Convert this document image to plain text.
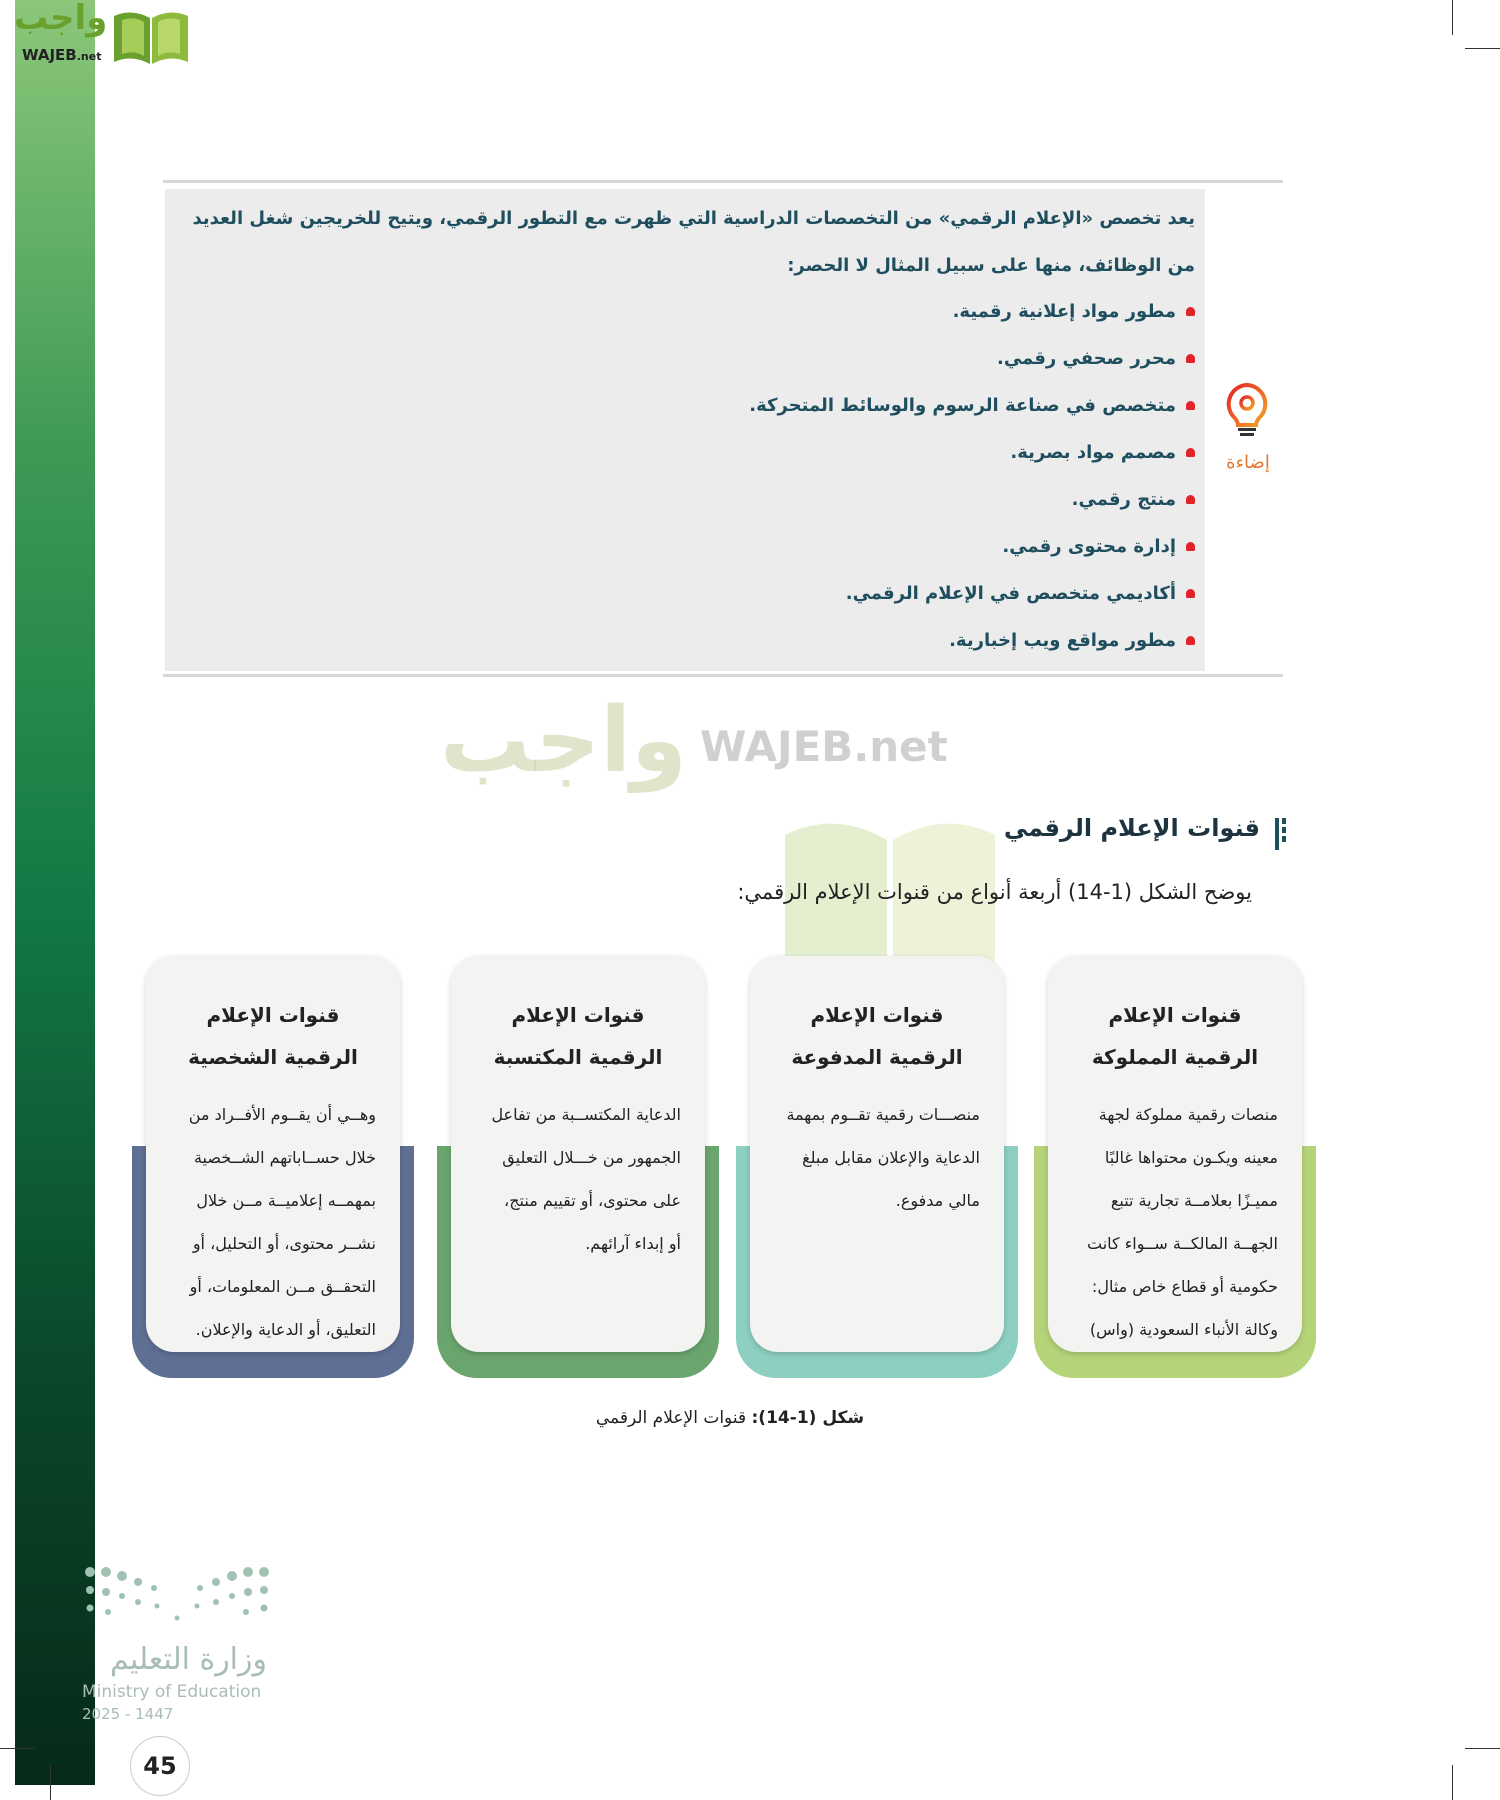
واجب
WAJEB.net
يعد تخصص «الإعلام الرقمي» من التخصصات الدراسية التي ظهرت مع التطور الرقمي، ويتيح للخريجين شغل العديد
من الوظائف، منها على سبيل المثال لا الحصر:
مطور مواد إعلانية رقمية.
محرر صحفي رقمي.
متخصص في صناعة الرسوم والوسائط المتحركة.
مصمم مواد بصرية.
منتج رقمي.
إدارة محتوى رقمي.
أكاديمي متخصص في الإعلام الرقمي.
مطور مواقع ويب إخبارية.
إضاءة
واجب WAJEB.net
قنوات الإعلام الرقمي
يوضح الشكل (1-14) أربعة أنواع من قنوات الإعلام الرقمي:
قنوات الإعلام
الرقمية المملوكة
منصات رقمية مملوكة لجهة
معينه ويكـون محتواها غالبًا
مميـزًا بعلامــة تجارية تتبع
الجهــة المالكــة ســواء كانت
حكومية أو قطاع خاص مثال:
وكالة الأنباء السعودية (واس)
قنوات الإعلام
الرقمية المدفوعة
منصـــات رقمية تقــوم بمهمة
الدعاية والإعلان مقابل مبلغ
مالي مدفوع.
قنوات الإعلام
الرقمية المكتسبة
الدعاية المكتســبة من تفاعل
الجمهور من خـــلال التعليق
على محتوى، أو تقييم منتج،
أو إبداء آرائهم.
قنوات الإعلام
الرقمية الشخصية
وهــي أن يقــوم الأفــراد من
خلال حســاباتهم الشــخصية
بمهمــه إعلاميــة مــن خلال
نشــر محتوى، أو التحليل، أو
التحقــق مــن المعلومات، أو
التعليق، أو الدعاية والإعلان.
شكل (1-14): قنوات الإعلام الرقمي
وزارة التعليم
Ministry of Education
2025 - 1447
45
